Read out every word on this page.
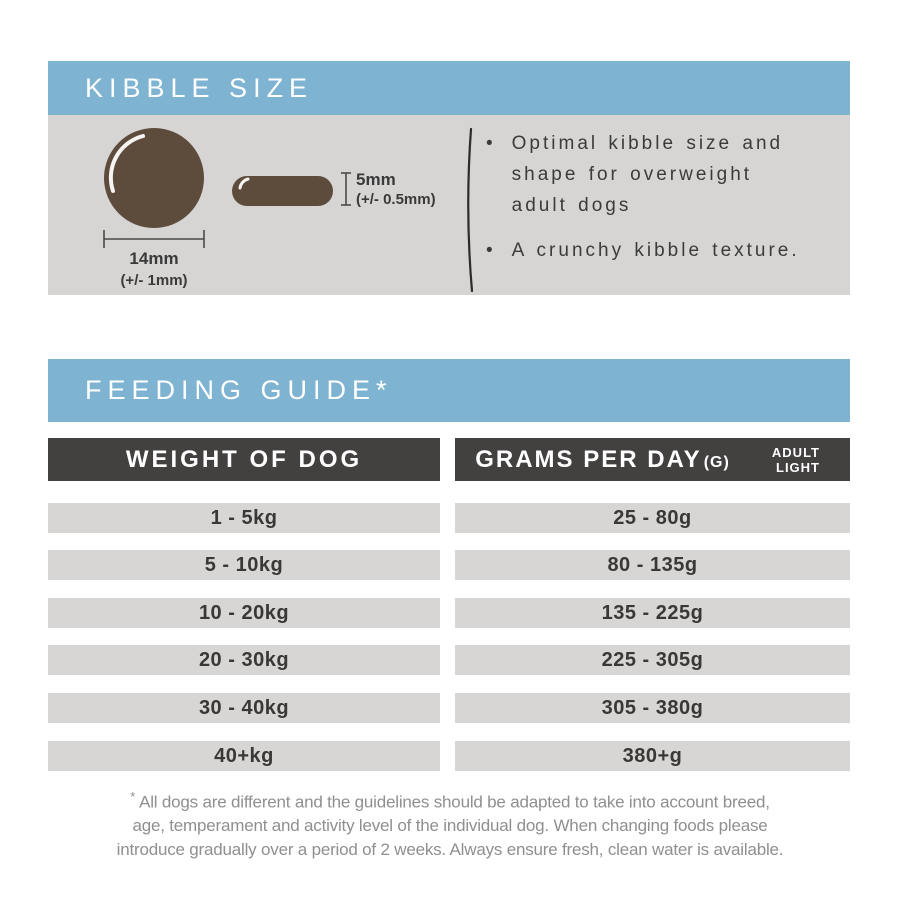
KIBBLE SIZE
14mm
(+/- 1mm)
5mm
(+/- 0.5mm)
• Optimal kibble size and shape for overweight adult dogs
• A crunchy kibble texture.
FEEDING GUIDE*
WEIGHT OF DOG	GRAMS PER DAY (G)
ADULT
LIGHT
1 - 5kg
5 - 10kg
10 - 20kg
20 - 30kg
30 - 40kg
40+kg
25 - 80g
80 - 135g
135 - 225g
225 - 305g
305 - 380g
380+g
* All dogs are different and the guidelines should be adapted to take into account breed,
age, temperament and activity level of the individual dog. When changing foods please
introduce gradually over a period of 2 weeks. Always ensure fresh, clean water is available.
